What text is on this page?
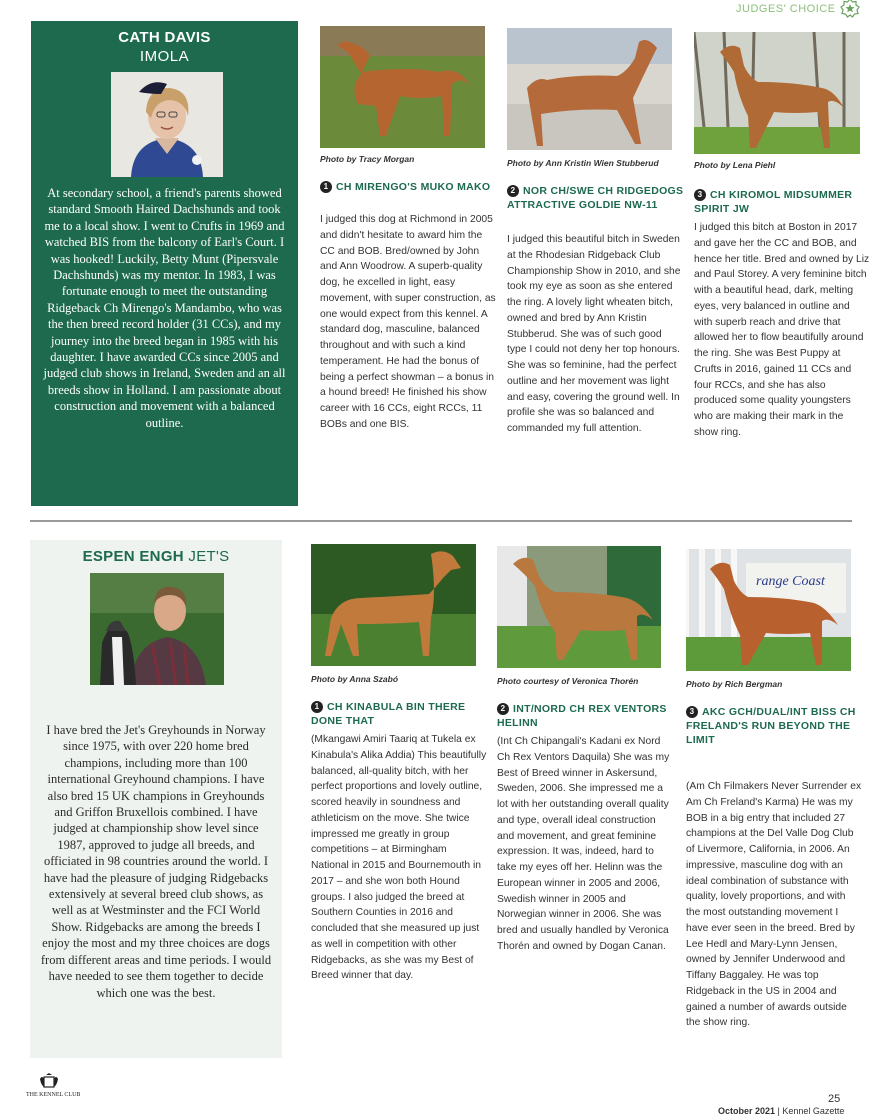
JUDGES' CHOICE
CATH DAVIS
IMOLA
At secondary school, a friend's parents showed standard Smooth Haired Dachshunds and took me to a local show. I went to Crufts in 1969 and watched BIS from the balcony of Earl's Court. I was hooked! Luckily, Betty Munt (Pipersvale Dachshunds) was my mentor. In 1983, I was fortunate enough to meet the outstanding Ridgeback Ch Mirengo's Mandambo, who was the then breed record holder (31 CCs), and my journey into the breed began in 1985 with his daughter. I have awarded CCs since 2005 and judged club shows in Ireland, Sweden and an all breeds show in Holland. I am passionate about construction and movement with a balanced outline.
Photo by Tracy Morgan
1 CH MIRENGO'S MUKO MAKO
I judged this dog at Richmond in 2005 and didn't hesitate to award him the CC and BOB. Bred/owned by John and Ann Woodrow. A superb-quality dog, he excelled in light, easy movement, with super construction, as one would expect from this kennel. A standard dog, masculine, balanced throughout and with such a kind temperament. He had the bonus of being a perfect showman – a bonus in a hound breed! He finished his show career with 16 CCs, eight RCCs, 11 BOBs and one BIS.
Photo by Ann Kristin Wien Stubberud
2 NOR CH/SWE CH RIDGEDOGS ATTRACTIVE GOLDIE NW-11
I judged this beautiful bitch in Sweden at the Rhodesian Ridgeback Club Championship Show in 2010, and she took my eye as soon as she entered the ring. A lovely light wheaten bitch, owned and bred by Ann Kristin Stubberud. She was of such good type I could not deny her top honours. She was so feminine, had the perfect outline and her movement was light and easy, covering the ground well. In profile she was so balanced and commanded my full attention.
Photo by Lena Piehl
3 CH KIROMOL MIDSUMMER SPIRIT JW
I judged this bitch at Boston in 2017 and gave her the CC and BOB, and hence her title. Bred and owned by Liz and Paul Storey. A very feminine bitch with a beautiful head, dark, melting eyes, very balanced in outline and with superb reach and drive that allowed her to flow beautifully around the ring. She was Best Puppy at Crufts in 2016, gained 11 CCs and four RCCs, and she has also produced some quality youngsters who are making their mark in the show ring.
ESPEN ENGH JET'S
I have bred the Jet's Greyhounds in Norway since 1975, with over 220 home bred champions, including more than 100 international Greyhound champions. I have also bred 15 UK champions in Greyhounds and Griffon Bruxellois combined. I have judged at championship show level since 1987, approved to judge all breeds, and officiated in 98 countries around the world. I have had the pleasure of judging Ridgebacks extensively at several breed club shows, as well as at Westminster and the FCI World Show. Ridgebacks are among the breeds I enjoy the most and my three choices are dogs from different areas and time periods. I would have needed to see them together to decide which one was the best.
Photo by Anna Szabó
1 CH KINABULA BIN THERE DONE THAT
(Mkangawi Amiri Taariq at Tukela ex Kinabula's Alika Addia) This beautifully balanced, all-quality bitch, with her perfect proportions and lovely outline, scored heavily in soundness and athleticism on the move. She twice impressed me greatly in group competitions – at Birmingham National in 2015 and Bournemouth in 2017 – and she won both Hound groups. I also judged the breed at Southern Counties in 2016 and concluded that she measured up just as well in competition with other Ridgebacks, as she was my Best of Breed winner that day.
Photo courtesy of Veronica Thorén
2 INT/NORD CH REX VENTORS HELINN
(Int Ch Chipangali's Kadani ex Nord Ch Rex Ventors Daquila) She was my Best of Breed winner in Askersund, Sweden, 2006. She impressed me a lot with her outstanding overall quality and type, overall ideal construction and movement, and great feminine expression. It was, indeed, hard to take my eyes off her. Helinn was the European winner in 2005 and 2006, Swedish winner in 2005 and Norwegian winner in 2006. She was bred and usually handled by Veronica Thorén and owned by Dogan Canan.
range Coast
Photo by Rich Bergman
3 AKC GCH/DUAL/INT BISS CH FRELAND'S RUN BEYOND THE LIMIT
(Am Ch Filmakers Never Surrender ex Am Ch Freland's Karma) He was my BOB in a big entry that included 27 champions at the Del Valle Dog Club of Livermore, California, in 2006. An impressive, masculine dog with an ideal combination of substance with quality, lovely proportions, and with the most outstanding movement I have ever seen in the breed. Bred by Lee Hedl and Mary-Lynn Jensen, owned by Jennifer Underwood and Tiffany Baggaley. He was top Ridgeback in the US in 2004 and gained a number of awards outside the show ring.
THE KENNEL CLUB	25
October 2021 | Kennel Gazette
